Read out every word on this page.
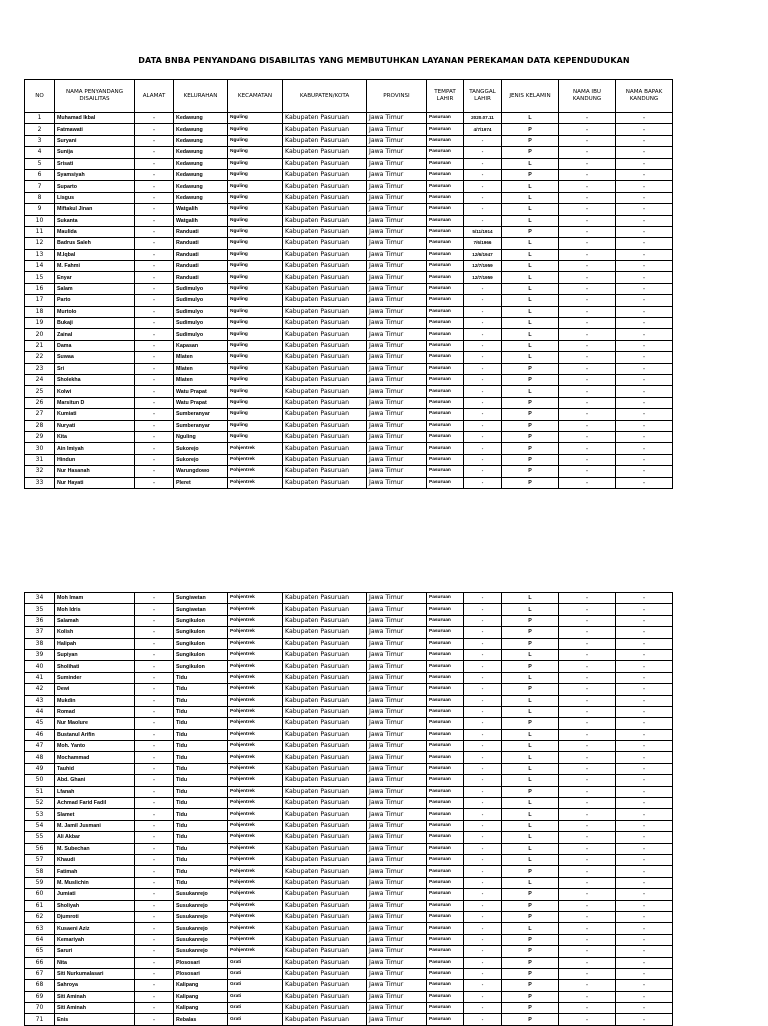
DATA BNBA PENYANDANG DISABILITAS YANG MEMBUTUHKAN LAYANAN PEREKAMAN DATA KEPENDUDUKAN
NO	NAMA PENYANDANG DISAILITAS	ALAMAT	KELURAHAN	KECAMATAN	KABUPATEN/KOTA	PROVINSI	TEMPAT LAHIR	TANGGAL LAHIR	JENIS KELAMIN	NAMA IBU KANDUNG	NAMA BAPAK KANDUNG
1	Muhamad Ikbal	-	Kedawung	Nguling	Kabupaten Pasuruan	Jawa Timur	Pasuruan	2020.07.11	L	-	-
2	Fatmawati	-	Kedawung	Nguling	Kabupaten Pasuruan	Jawa Timur	Pasuruan	4/7/1974	P	-	-
3	Suryani	-	Kedawung	Nguling	Kabupaten Pasuruan	Jawa Timur	Pasuruan	-	P	-	-
4	Sunija	-	Kedawung	Nguling	Kabupaten Pasuruan	Jawa Timur	Pasuruan	-	P	-	-
5	Srisati	-	Kedawung	Nguling	Kabupaten Pasuruan	Jawa Timur	Pasuruan	-	L	-	-
6	Syamsiyah	-	Kedawung	Nguling	Kabupaten Pasuruan	Jawa Timur	Pasuruan	-	P	-	-
7	Suparto	-	Kedawung	Nguling	Kabupaten Pasuruan	Jawa Timur	Pasuruan	-	L	-	-
8	Lisgus	-	Kedawung	Nguling	Kabupaten Pasuruan	Jawa Timur	Pasuruan	-	L	-	-
9	Miftakul Jinan	-	Watgalih	Nguling	Kabupaten Pasuruan	Jawa Timur	Pasuruan	-	L	-	-
10	Sukanta	-	Watgalih	Nguling	Kabupaten Pasuruan	Jawa Timur	Pasuruan	-	L	-	-
11	Maulida	-	Randuati	Nguling	Kabupaten Pasuruan	Jawa Timur	Pasuruan	5/11/1914	P	-	-
12	Badrus Saleh	-	Randuati	Nguling	Kabupaten Pasuruan	Jawa Timur	Pasuruan	7/6/1966	L	-	-
13	M.Iqbal	-	Randuati	Nguling	Kabupaten Pasuruan	Jawa Timur	Pasuruan	12/6/1947	L	-	-
14	M. Fahmi	-	Randuati	Nguling	Kabupaten Pasuruan	Jawa Timur	Pasuruan	12/7/1959	L	-	-
15	Enyar	-	Randuati	Nguling	Kabupaten Pasuruan	Jawa Timur	Pasuruan	12/7/1959	L	-	-
16	Salam	-	Sudimulyo	Nguling	Kabupaten Pasuruan	Jawa Timur	Pasuruan	-	L	-	-
17	Parto	-	Sudimulyo	Nguling	Kabupaten Pasuruan	Jawa Timur	Pasuruan	-	L	-	-
18	Murtolo	-	Sudimulyo	Nguling	Kabupaten Pasuruan	Jawa Timur	Pasuruan	-	L	-	-
19	Bukaji	-	Sudimulyo	Nguling	Kabupaten Pasuruan	Jawa Timur	Pasuruan	-	L	-	-
20	Zainal	-	Sudimulyo	Nguling	Kabupaten Pasuruan	Jawa Timur	Pasuruan	-	L	-	-
21	Dama	-	Kapasan	Nguling	Kabupaten Pasuruan	Jawa Timur	Pasuruan	-	L	-	-
22	Suwaa	-	Mlaten	Nguling	Kabupaten Pasuruan	Jawa Timur	Pasuruan	-	L	-	-
23	Sri	-	Mlaten	Nguling	Kabupaten Pasuruan	Jawa Timur	Pasuruan	-	P	-	-
24	Sholekha	-	Mlaten	Nguling	Kabupaten Pasuruan	Jawa Timur	Pasuruan	-	P	-	-
25	Kolwi	-	Watu Prapat	Nguling	Kabupaten Pasuruan	Jawa Timur	Pasuruan	-	L	-	-
26	Marsitun D	-	Watu Prapat	Nguling	Kabupaten Pasuruan	Jawa Timur	Pasuruan	-	P	-	-
27	Kumiati	-	Sumberanyar	Nguling	Kabupaten Pasuruan	Jawa Timur	Pasuruan	-	P	-	-
28	Nuryati	-	Sumberanyar	Nguling	Kabupaten Pasuruan	Jawa Timur	Pasuruan	-	P	-	-
29	Kita	-	Nguling	Nguling	Kabupaten Pasuruan	Jawa Timur	Pasuruan	-	P	-	-
30	Ain Imiyah	-	Sukorejo	Pohjentrek	Kabupaten Pasuruan	Jawa Timur	Pasuruan	-	P	-	-
31	Hindun	-	Sukorejo	Pohjentrek	Kabupaten Pasuruan	Jawa Timur	Pasuruan	-	P	-	-
32	Nur Hasanah	-	Warungdowo	Pohjentrek	Kabupaten Pasuruan	Jawa Timur	Pasuruan	-	P	-	-
33	Nur Hayati	-	Pleret	Pohjentrek	Kabupaten Pasuruan	Jawa Timur	Pasuruan	-	P	-	-
34	Moh Imam	-	Sungiwetan	Pohjentrek	Kabupaten Pasuruan	Jawa Timur	Pasuruan	-	L	-	-
35	Moh Idris	-	Sungiwetan	Pohjentrek	Kabupaten Pasuruan	Jawa Timur	Pasuruan	-	L	-	-
36	Salamah	-	Sungikulon	Pohjentrek	Kabupaten Pasuruan	Jawa Timur	Pasuruan	-	P	-	-
37	Kolish	-	Sungikulon	Pohjentrek	Kabupaten Pasuruan	Jawa Timur	Pasuruan	-	P	-	-
38	Halipah	-	Sungikulon	Pohjentrek	Kabupaten Pasuruan	Jawa Timur	Pasuruan	-	P	-	-
39	Supiyan	-	Sungikulon	Pohjentrek	Kabupaten Pasuruan	Jawa Timur	Pasuruan	-	L	-	-
40	Sholihati	-	Sungikulon	Pohjentrek	Kabupaten Pasuruan	Jawa Timur	Pasuruan	-	P	-	-
41	Suminder	-	Tidu	Pohjentrek	Kabupaten Pasuruan	Jawa Timur	Pasuruan	-	L	-	-
42	Dewi	-	Tidu	Pohjentrek	Kabupaten Pasuruan	Jawa Timur	Pasuruan	-	P	-	-
43	Mukdin	-	Tidu	Pohjentrek	Kabupaten Pasuruan	Jawa Timur	Pasuruan	-	L	-	-
44	Romad	-	Tidu	Pohjentrek	Kabupaten Pasuruan	Jawa Timur	Pasuruan	-	L	-	-
45	Nur Maolure	-	Tidu	Pohjentrek	Kabupaten Pasuruan	Jawa Timur	Pasuruan	-	P	-	-
46	Bustanul Arifin	-	Tidu	Pohjentrek	Kabupaten Pasuruan	Jawa Timur	Pasuruan	-	L	-	-
47	Moh. Yanto	-	Tidu	Pohjentrek	Kabupaten Pasuruan	Jawa Timur	Pasuruan	-	L	-	-
48	Mochammad	-	Tidu	Pohjentrek	Kabupaten Pasuruan	Jawa Timur	Pasuruan	-	L	-	-
49	Tauhid	-	Tidu	Pohjentrek	Kabupaten Pasuruan	Jawa Timur	Pasuruan	-	L	-	-
50	Abd. Ghani	-	Tidu	Pohjentrek	Kabupaten Pasuruan	Jawa Timur	Pasuruan	-	L	-	-
51	Lfanah	-	Tidu	Pohjentrek	Kabupaten Pasuruan	Jawa Timur	Pasuruan	-	P	-	-
52	Achmad Farid Fadil	-	Tidu	Pohjentrek	Kabupaten Pasuruan	Jawa Timur	Pasuruan	-	L	-	-
53	Slamet	-	Tidu	Pohjentrek	Kabupaten Pasuruan	Jawa Timur	Pasuruan	-	L	-	-
54	M. Jamil Jusmani	-	Tidu	Pohjentrek	Kabupaten Pasuruan	Jawa Timur	Pasuruan	-	L	-	-
55	Ali Akbar	-	Tidu	Pohjentrek	Kabupaten Pasuruan	Jawa Timur	Pasuruan	-	L	-	-
56	M. Subechan	-	Tidu	Pohjentrek	Kabupaten Pasuruan	Jawa Timur	Pasuruan	-	L	-	-
57	Khaudi	-	Tidu	Pohjentrek	Kabupaten Pasuruan	Jawa Timur	Pasuruan	-	L	-	-
58	Fatimah	-	Tidu	Pohjentrek	Kabupaten Pasuruan	Jawa Timur	Pasuruan	-	P	-	-
59	M. Muslichin	-	Tidu	Pohjentrek	Kabupaten Pasuruan	Jawa Timur	Pasuruan	-	L	-	-
60	Jumiati	-	Susukanrejo	Pohjentrek	Kabupaten Pasuruan	Jawa Timur	Pasuruan	-	P	-	-
61	Sholiyah	-	Susukanrejo	Pohjentrek	Kabupaten Pasuruan	Jawa Timur	Pasuruan	-	P	-	-
62	Djumroti	-	Susukanrejo	Pohjentrek	Kabupaten Pasuruan	Jawa Timur	Pasuruan	-	P	-	-
63	Kusaeni Aziz	-	Susukanrejo	Pohjentrek	Kabupaten Pasuruan	Jawa Timur	Pasuruan	-	L	-	-
64	Kemariyah	-	Susukanrejo	Pohjentrek	Kabupaten Pasuruan	Jawa Timur	Pasuruan	-	P	-	-
65	Saruri	-	Susukanrejo	Pohjentrek	Kabupaten Pasuruan	Jawa Timur	Pasuruan	-	P	-	-
66	Nita	-	Plososari	Grati	Kabupaten Pasuruan	Jawa Timur	Pasuruan	-	P	-	-
67	Siti Nurkumalasari	-	Plososari	Grati	Kabupaten Pasuruan	Jawa Timur	Pasuruan	-	P	-	-
68	Sahroya	-	Kalipang	Grati	Kabupaten Pasuruan	Jawa Timur	Pasuruan	-	P	-	-
69	Siti Aminah	-	Kalipang	Grati	Kabupaten Pasuruan	Jawa Timur	Pasuruan	-	P	-	-
70	Siti Aminah	-	Kalipang	Grati	Kabupaten Pasuruan	Jawa Timur	Pasuruan	-	P	-	-
71	Enis	-	Rebalas	Grati	Kabupaten Pasuruan	Jawa Timur	Pasuruan	-	P	-	-
